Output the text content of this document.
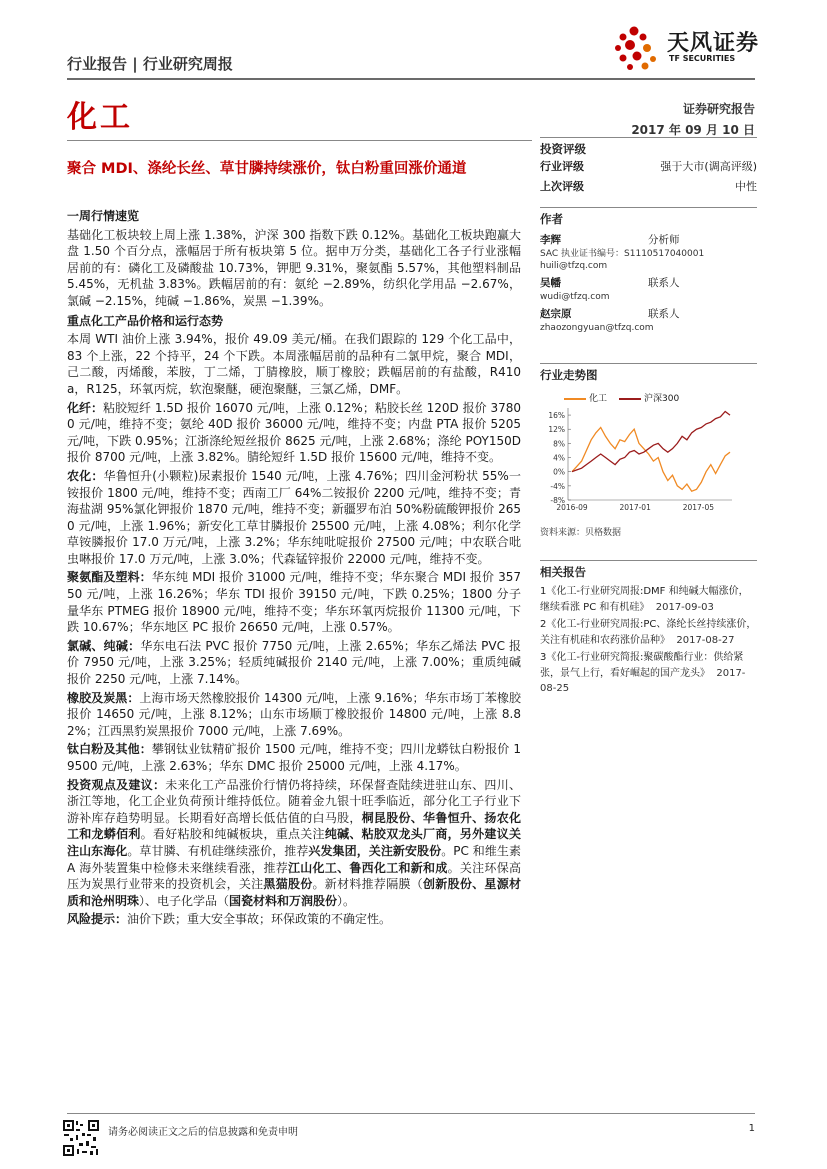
行业报告 | 行业研究周报
天风证券
TF SECURITIES
化工	证券研究报告
2017 年 09 月 10 日
聚合 MDI、涤纶长丝、草甘膦持续涨价，钛白粉重回涨价通道
一周行情速览

基础化工板块较上周上涨 1.38%，沪深 300 指数下跌 0.12%。基础化工板块跑赢大盘 1.50 个百分点，涨幅居于所有板块第 5 位。据申万分类，基础化工各子行业涨幅居前的有：磷化工及磷酸盐 10.73%，钾肥 9.31%，聚氨酯 5.57%，其他塑料制品 5.45%，无机盐 3.83%。跌幅居前的有：氨纶 −2.89%，纺织化学用品 −2.67%，氯碱 −2.15%，纯碱 −1.86%，炭黑 −1.39%。

重点化工产品价格和运行态势

本周 WTI 油价上涨 3.94%，报价 49.09 美元/桶。在我们跟踪的 129 个化工品中，83 个上涨，22 个持平，24 个下跌。本周涨幅居前的品种有二氯甲烷，聚合 MDI，己二酸，丙烯酸，苯胺，丁二烯，丁腈橡胶，顺丁橡胶；跌幅居前的有盐酸，R410a，R125，环氧丙烷，软泡聚醚，硬泡聚醚，三氯乙烯，DMF。

化纤：粘胶短纤 1.5D 报价 16070 元/吨，上涨 0.12%；粘胶长丝 120D 报价 37800 元/吨，维持不变；氨纶 40D 报价 36000 元/吨，维持不变；内盘 PTA 报价 5205 元/吨，下跌 0.95%；江浙涤纶短丝报价 8625 元/吨，上涨 2.68%；涤纶 POY150D 报价 8700 元/吨，上涨 3.82%。腈纶短纤 1.5D 报价 15600 元/吨，维持不变。

农化：华鲁恒升(小颗粒)尿素报价 1540 元/吨，上涨 4.76%；四川金河粉状 55%一铵报价 1800 元/吨，维持不变；西南工厂 64%二铵报价 2200 元/吨，维持不变；青海盐湖 95%氯化钾报价 1870 元/吨，维持不变；新疆罗布泊 50%粉硫酸钾报价 2650 元/吨，上涨 1.96%；新安化工草甘膦报价 25500 元/吨，上涨 4.08%；利尔化学草铵膦报价 17.0 万元/吨，上涨 3.2%；华东纯吡啶报价 27500 元/吨；中农联合吡虫啉报价 17.0 万元/吨，上涨 3.0%；代森锰锌报价 22000 元/吨，维持不变。

聚氨酯及塑料：华东纯 MDI 报价 31000 元/吨，维持不变；华东聚合 MDI 报价 35750 元/吨，上涨 16.26%；华东 TDI 报价 39150 元/吨，下跌 0.25%；1800 分子量华东 PTMEG 报价 18900 元/吨，维持不变；华东环氧丙烷报价 11300 元/吨，下跌 10.67%；华东地区 PC 报价 26650 元/吨，上涨 0.57%。

氯碱、纯碱：华东电石法 PVC 报价 7750 元/吨，上涨 2.65%；华东乙烯法 PVC 报价 7950 元/吨，上涨 3.25%；轻质纯碱报价 2140 元/吨，上涨 7.00%；重质纯碱报价 2250 元/吨，上涨 7.14%。

橡胶及炭黑：上海市场天然橡胶报价 14300 元/吨，上涨 9.16%；华东市场丁苯橡胶报价 14650 元/吨，上涨 8.12%；山东市场顺丁橡胶报价 14800 元/吨，上涨 8.82%；江西黑豹炭黑报价 7000 元/吨，上涨 7.69%。

钛白粉及其他：攀钢钛业钛精矿报价 1500 元/吨，维持不变；四川龙蟒钛白粉报价 19500 元/吨，上涨 2.63%；华东 DMC 报价 25000 元/吨，上涨 4.17%。

投资观点及建议：未来化工产品涨价行情仍将持续，环保督查陆续进驻山东、四川、浙江等地，化工企业负荷预计维持低位。随着金九银十旺季临近，部分化工子行业下游补库存趋势明显。长期看好高增长低估值的白马股，桐昆股份、华鲁恒升、扬农化工和龙蟒佰利。看好粘胶和纯碱板块，重点关注纯碱、粘胶双龙头厂商，另外建议关注山东海化。草甘膦、有机硅继续涨价，推荐兴发集团，关注新安股份。PC 和维生素 A 海外装置集中检修未来继续看涨，推荐江山化工、鲁西化工和新和成。关注环保高压为炭黑行业带来的投资机会，关注黑猫股份。新材料推荐隔膜（创新股份、星源材质和沧州明珠）、电子化学品（国瓷材料和万润股份）。

风险提示：油价下跌；重大安全事故；环保政策的不确定性。

投资评级
行业评级	强于大市(调高评级)
上次评级	中性
作者
李辉	分析师
SAC 执业证书编号：S1110517040001
huili@tfzq.com
吴幡	联系人
wudi@tfzq.com
赵宗原	联系人
zhaozongyuan@tfzq.com
行业走势图
化工	沪深300
16%
12%
8%
4%
0%
-4%
-8%
2016-09	2017-01	2017-05
资料来源：贝格数据
相关报告
1《化工-行业研究周报:DMF 和纯碱大幅涨价，继续看涨 PC 和有机硅》 2017-09-03
2《化工-行业研究周报:PC、涤纶长丝持续涨价，关注有机硅和农药涨价品种》 2017-08-27
3《化工-行业研究简报:聚碳酸酯行业：供给紧张，景气上行，看好崛起的国产龙头》 2017-08-25
请务必阅读正文之后的信息披露和免责申明	1
